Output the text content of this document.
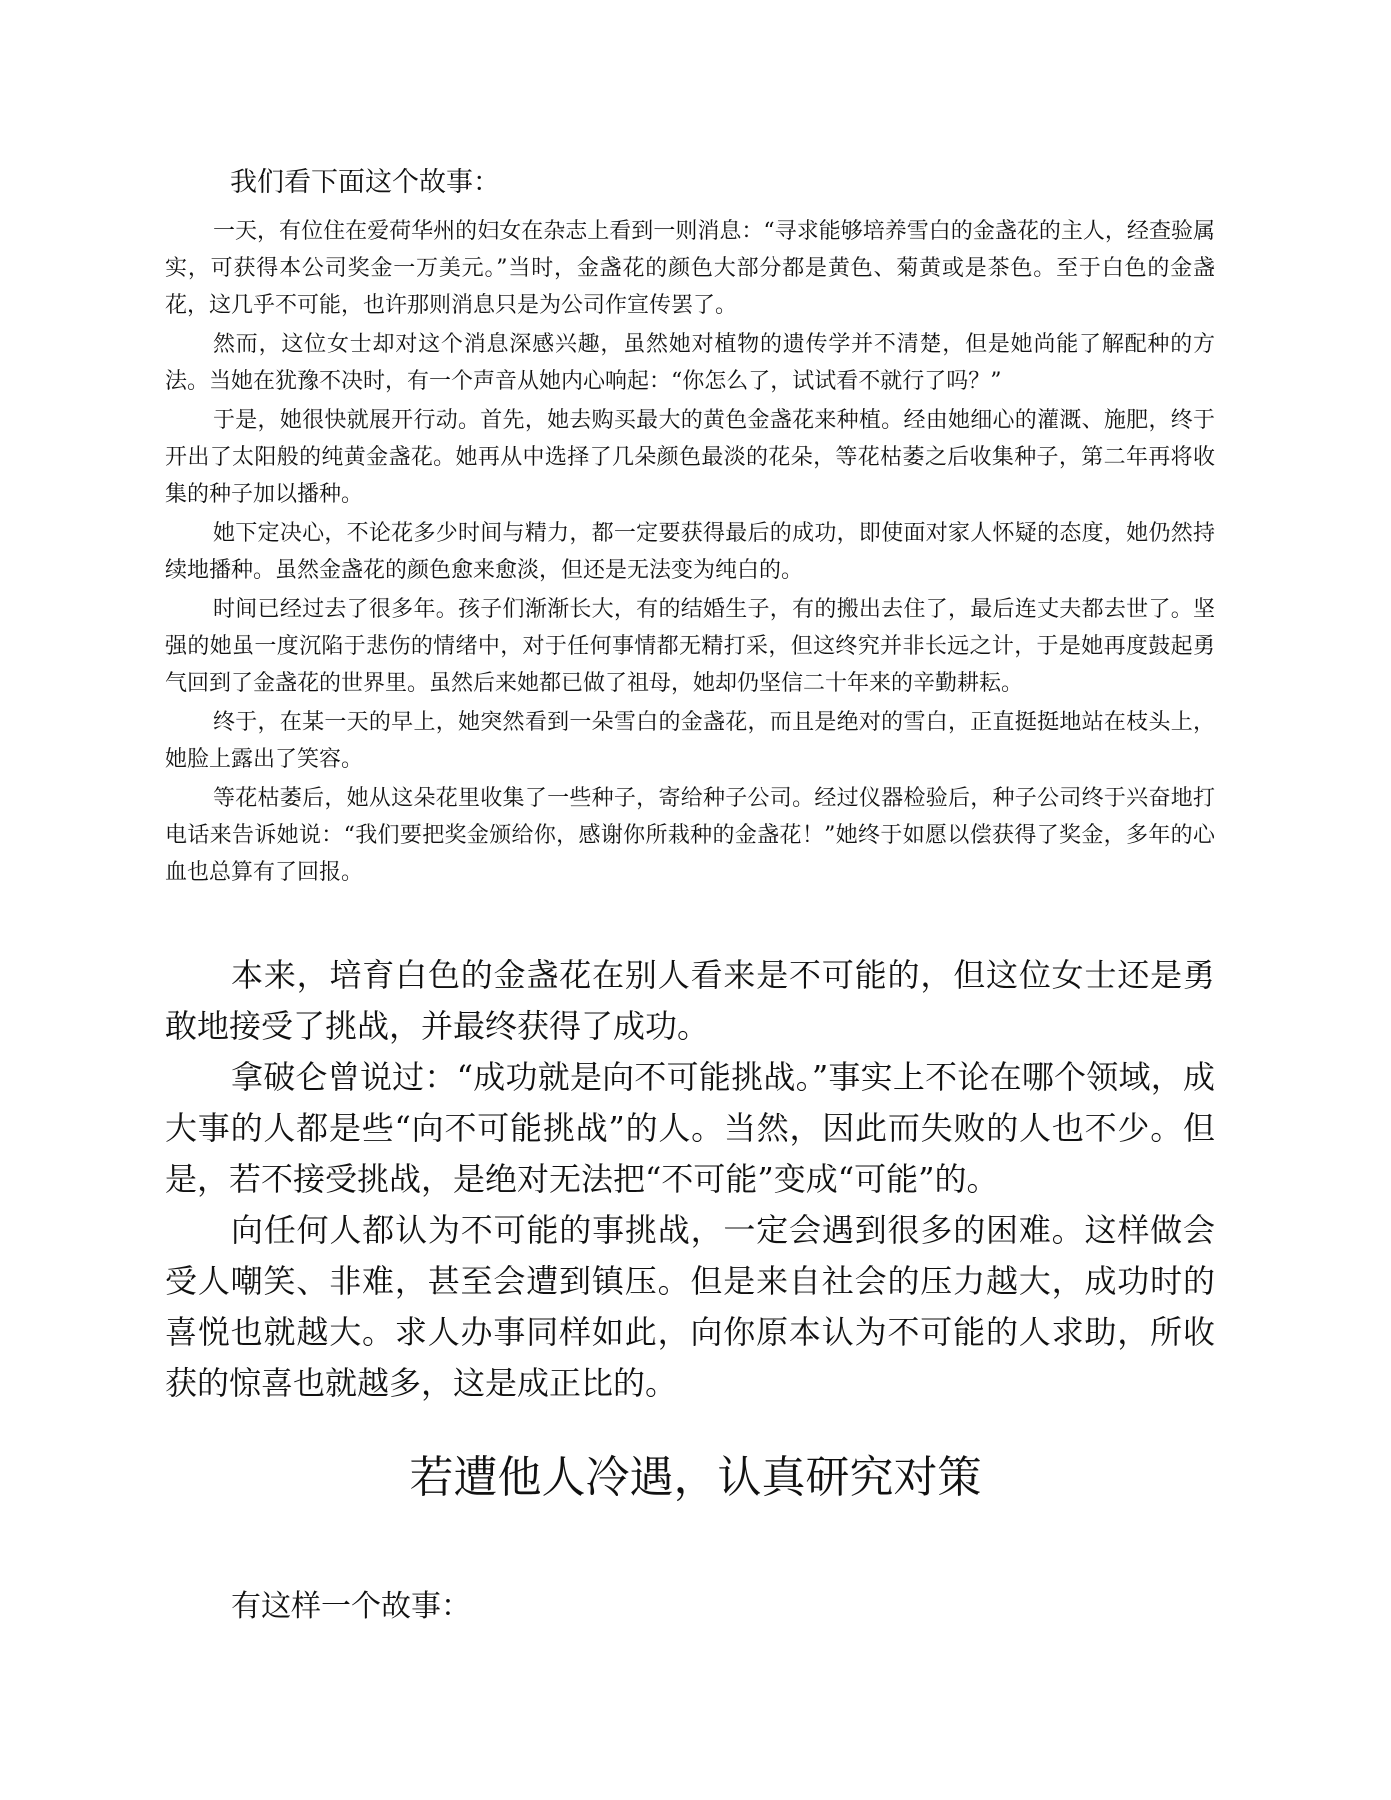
我们看下面这个故事：

一天，有位住在爱荷华州的妇女在杂志上看到一则消息：“寻求能够培养雪白的金盏花的主人，经查验属实，可获得本公司奖金一万美元。”当时，金盏花的颜色大部分都是黄色、菊黄或是茶色。至于白色的金盏花，这几乎不可能，也许那则消息只是为公司作宣传罢了。

然而，这位女士却对这个消息深感兴趣，虽然她对植物的遗传学并不清楚，但是她尚能了解配种的方法。当她在犹豫不决时，有一个声音从她内心响起：“你怎么了，试试看不就行了吗？”

于是，她很快就展开行动。首先，她去购买最大的黄色金盏花来种植。经由她细心的灌溉、施肥，终于开出了太阳般的纯黄金盏花。她再从中选择了几朵颜色最淡的花朵，等花枯萎之后收集种子，第二年再将收集的种子加以播种。

她下定决心，不论花多少时间与精力，都一定要获得最后的成功，即使面对家人怀疑的态度，她仍然持续地播种。虽然金盏花的颜色愈来愈淡，但还是无法变为纯白的。

时间已经过去了很多年。孩子们渐渐长大，有的结婚生子，有的搬出去住了，最后连丈夫都去世了。坚强的她虽一度沉陷于悲伤的情绪中，对于任何事情都无精打采，但这终究并非长远之计，于是她再度鼓起勇气回到了金盏花的世界里。虽然后来她都已做了祖母，她却仍坚信二十年来的辛勤耕耘。

终于，在某一天的早上，她突然看到一朵雪白的金盏花，而且是绝对的雪白，正直挺挺地站在枝头上，她脸上露出了笑容。

等花枯萎后，她从这朵花里收集了一些种子，寄给种子公司。经过仪器检验后，种子公司终于兴奋地打电话来告诉她说：“我们要把奖金颁给你，感谢你所栽种的金盏花！”她终于如愿以偿获得了奖金，多年的心血也总算有了回报。

本来，培育白色的金盏花在别人看来是不可能的，但这位女士还是勇敢地接受了挑战，并最终获得了成功。

拿破仑曾说过：“成功就是向不可能挑战。”事实上不论在哪个领域，成大事的人都是些“向不可能挑战”的人。当然，因此而失败的人也不少。但是，若不接受挑战，是绝对无法把“不可能”变成“可能”的。

向任何人都认为不可能的事挑战，一定会遇到很多的困难。这样做会受人嘲笑、非难，甚至会遭到镇压。但是来自社会的压力越大，成功时的喜悦也就越大。求人办事同样如此，向你原本认为不可能的人求助，所收获的惊喜也就越多，这是成正比的。

若遭他人冷遇，认真研究对策

有这样一个故事：
